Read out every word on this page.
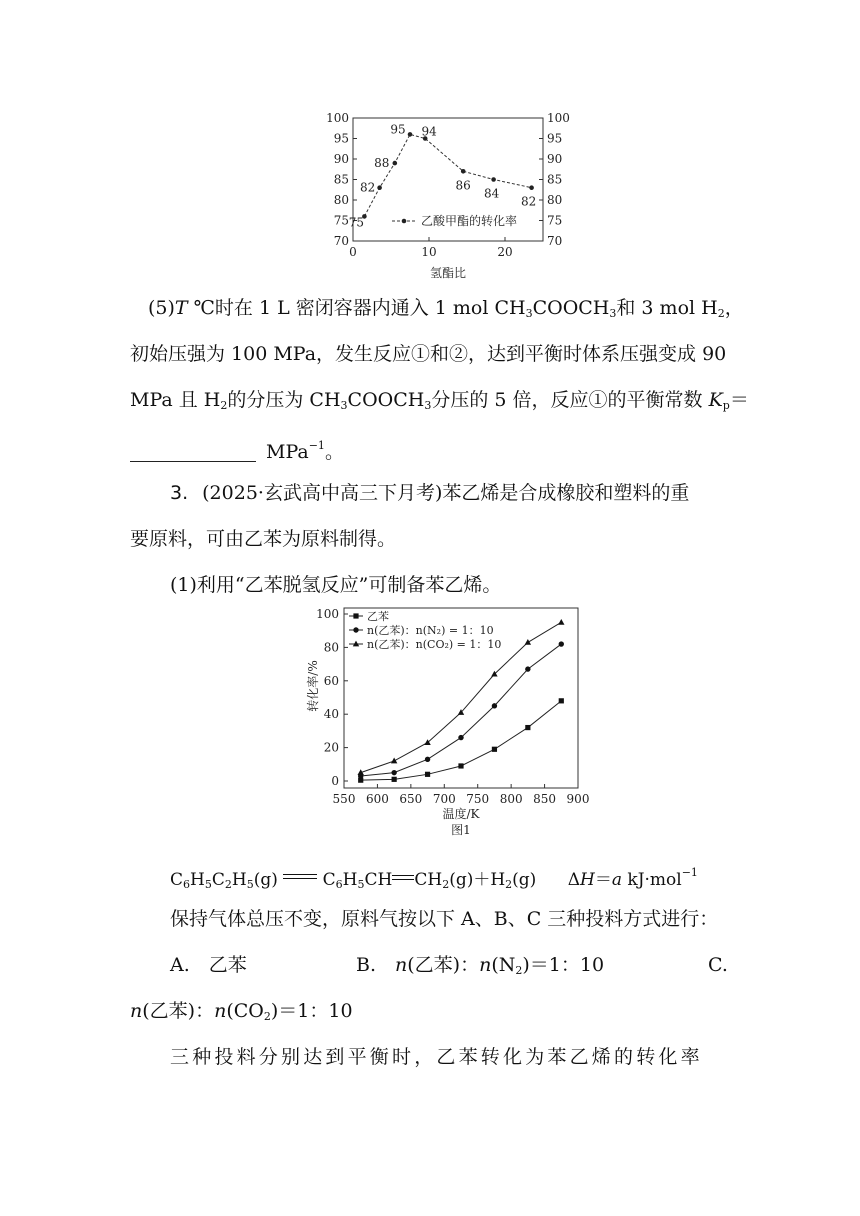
70	70
75	75
80	80
85	85
90	90
95	95
100	100
0	10	20
氢酯比
75
82
88
95 94
86
84
82
乙酸甲酯的转化率
(5)T ℃时在 1 L 密闭容器内通入 1 mol $CH_3COOCH_3$和 3 mol $H_2$，
初始压强为 100 MPa，发生反应①和②，达到平衡时体系压强变成 90
MPa 且 $H_2$的分压为 $CH_3COOCH_3$分压的 5 倍，反应①的平衡常数 $K_p=$
MPa$^{-1}$。
3. (2025·玄武高中高三下月考)苯乙烯是合成橡胶和塑料的重
要原料，可由乙苯为原料制得。
(1)利用“乙苯脱氢反应”可制备苯乙烯。
0
20
40
60
80
100
550 600 650 700 750 800 850 900
温度/K
图1
转化率/%
乙苯
n(乙苯)：n(N₂) = 1：10
n(乙苯)：n(CO₂) = 1：10
$C_6H_5C_2H_5(g)$	$C_6H_5CH$ $CH_2(g)+H_2(g)$ ΔH＝a kJ·mol$^{-1}$
保持气体总压不变，原料气按以下 A、B、C 三种投料方式进行：
A.　乙苯	B.　n(乙苯)：$n(N_2)=1$：10	C.
n(乙苯)：$n(CO_2)=1$：10
三种投料分别达到平衡时，乙苯转化为苯乙烯的转化率
